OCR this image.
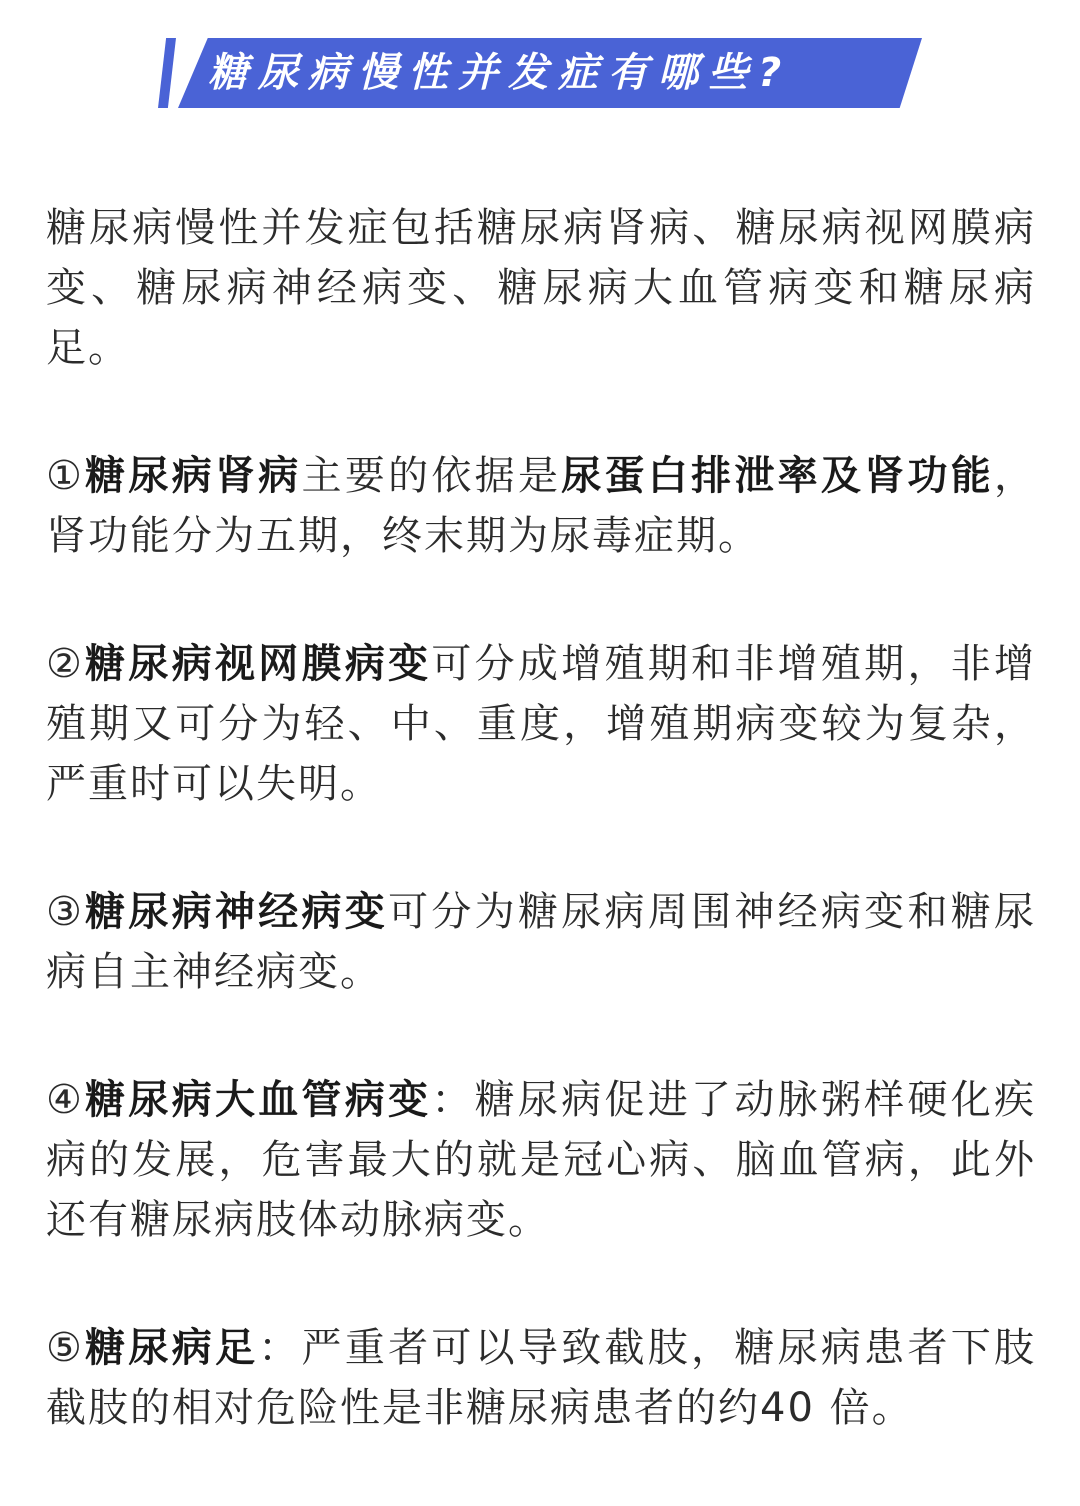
糖尿病慢性并发症有哪些?

糖尿病慢性并发症包括糖尿病肾病、糖尿病视网膜病变、糖尿病神经病变、糖尿病大血管病变和糖尿病足。

①糖尿病肾病主要的依据是尿蛋白排泄率及肾功能，肾功能分为五期，终末期为尿毒症期。

②糖尿病视网膜病变可分成增殖期和非增殖期，非增殖期又可分为轻、中、重度，增殖期病变较为复杂，严重时可以失明。

③糖尿病神经病变可分为糖尿病周围神经病变和糖尿病自主神经病变。

④糖尿病大血管病变：糖尿病促进了动脉粥样硬化疾病的发展，危害最大的就是冠心病、脑血管病，此外还有糖尿病肢体动脉病变。

⑤糖尿病足：严重者可以导致截肢，糖尿病患者下肢截肢的相对危险性是非糖尿病患者的约40 倍。
